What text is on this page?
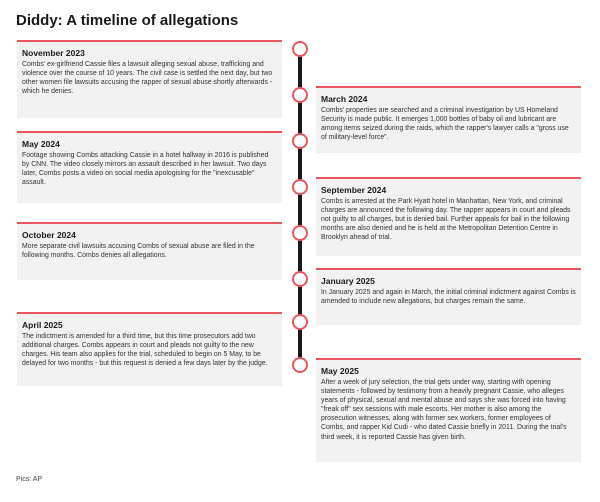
Diddy: A timeline of allegations

November 2023

Combs' ex-girlfriend Cassie files a lawsuit alleging sexual abuse, trafficking and violence over the course of 10 years. The civil case is settled the next day, but two other women file lawsuits accusing the rapper of sexual abuse shortly afterwards - which he denies.

May 2024

Footage showing Combs attacking Cassie in a hotel hallway in 2016 is published by CNN. The video closely mirrors an assault described in her lawsuit. Two days later, Combs posts a video on social media apologising for the "inexcusable" assault.

October 2024

More separate civil lawsuits accusing Combs of sexual abuse are filed in the following months. Combs denies all allegations.

April 2025

The indictment is amended for a third time, but this time prosecutors add two additional charges. Combs appears in court and pleads not guilty to the new charges. His team also applies for the trial, scheduled to begin on 5 May, to be delayed for two months - but this request is denied a few days later by the judge.

March 2024

Combs' properties are searched and a criminal investigation by US Homeland Security is made public. It emerges 1,000 bottles of baby oil and lubricant are among items seized during the raids, which the rapper's lawyer calls a "gross use of military-level force".

September 2024

Combs is arrested at the Park Hyatt hotel in Manhattan, New York, and criminal charges are announced the following day. The rapper appears in court and pleads not guilty to all charges, but is denied bail. Further appeals for bail in the following months are also denied and he is held at the Metropolitan Detention Centre in Brooklyn ahead of trial.

January 2025

In January 2025 and again in March, the initial criminal indictment against Combs is amended to include new allegations, but charges remain the same.

May 2025

After a week of jury selection, the trial gets under way, starting with opening statements - followed by testimony from a heavily pregnant Cassie, who alleges years of physical, sexual and mental abuse and says she was forced into having "freak off" sex sessions with male escorts. Her mother is also among the prosecution witnesses, along with former sex workers, former employees of Combs, and rapper Kid Cudi - who dated Cassie briefly in 2011. During the trial's third week, it is reported Cassie has given birth.

Pics: AP
